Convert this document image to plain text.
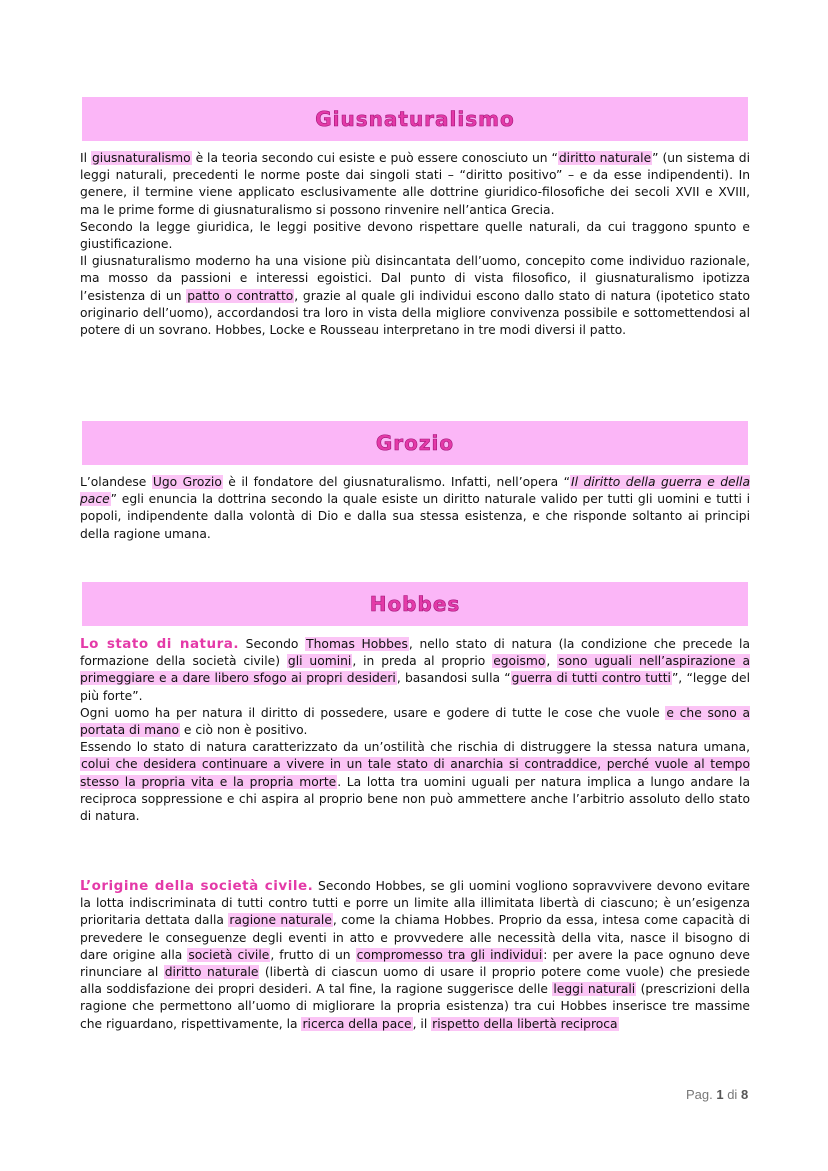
Giusnaturalismo

Il giusnaturalismo è la teoria secondo cui esiste e può essere conosciuto un “diritto naturale” (un sistema di leggi naturali, precedenti le norme poste dai singoli stati – “diritto positivo” – e da esse indipendenti). In genere, il termine viene applicato esclusivamente alle dottrine giuridico-filosofiche dei secoli XVII e XVIII, ma le prime forme di giusnaturalismo si possono rinvenire nell’antica Grecia.

Secondo la legge giuridica, le leggi positive devono rispettare quelle naturali, da cui traggono spunto e giustificazione.

Il giusnaturalismo moderno ha una visione più disincantata dell’uomo, concepito come individuo razionale, ma mosso da passioni e interessi egoistici. Dal punto di vista filosofico, il giusnaturalismo ipotizza l’esistenza di un patto o contratto, grazie al quale gli individui escono dallo stato di natura (ipotetico stato originario dell’uomo), accordandosi tra loro in vista della migliore convivenza possibile e sottomettendosi al potere di un sovrano. Hobbes, Locke e Rousseau interpretano in tre modi diversi il patto.

Grozio

L’olandese Ugo Grozio è il fondatore del giusnaturalismo. Infatti, nell’opera “Il diritto della guerra e della pace” egli enuncia la dottrina secondo la quale esiste un diritto naturale valido per tutti gli uomini e tutti i popoli, indipendente dalla volontà di Dio e dalla sua stessa esistenza, e che risponde soltanto ai principi della ragione umana.

Hobbes

Lo stato di natura. Secondo Thomas Hobbes, nello stato di natura (la condizione che precede la formazione della società civile) gli uomini, in preda al proprio egoismo, sono uguali nell’aspirazione a primeggiare e a dare libero sfogo ai propri desideri, basandosi sulla “guerra di tutti contro tutti”, “legge del più forte”.

Ogni uomo ha per natura il diritto di possedere, usare e godere di tutte le cose che vuole e che sono a portata di mano e ciò non è positivo.

Essendo lo stato di natura caratterizzato da un’ostilità che rischia di distruggere la stessa natura umana, colui che desidera continuare a vivere in un tale stato di anarchia si contraddice, perché vuole al tempo stesso la propria vita e la propria morte. La lotta tra uomini uguali per natura implica a lungo andare la reciproca soppressione e chi aspira al proprio bene non può ammettere anche l’arbitrio assoluto dello stato di natura.

L’origine della società civile. Secondo Hobbes, se gli uomini vogliono sopravvivere devono evitare la lotta indiscriminata di tutti contro tutti e porre un limite alla illimitata libertà di ciascuno; è un’esigenza prioritaria dettata dalla ragione naturale, come la chiama Hobbes. Proprio da essa, intesa come capacità di prevedere le conseguenze degli eventi in atto e provvedere alle necessità della vita, nasce il bisogno di dare origine alla società civile, frutto di un compromesso tra gli individui: per avere la pace ognuno deve rinunciare al diritto naturale (libertà di ciascun uomo di usare il proprio potere come vuole) che presiede alla soddisfazione dei propri desideri. A tal fine, la ragione suggerisce delle leggi naturali (prescrizioni della ragione che permettono all’uomo di migliorare la propria esistenza) tra cui Hobbes inserisce tre massime che riguardano, rispettivamente, la ricerca della pace, il rispetto della libertà reciproca

Pag. 1 di 8
